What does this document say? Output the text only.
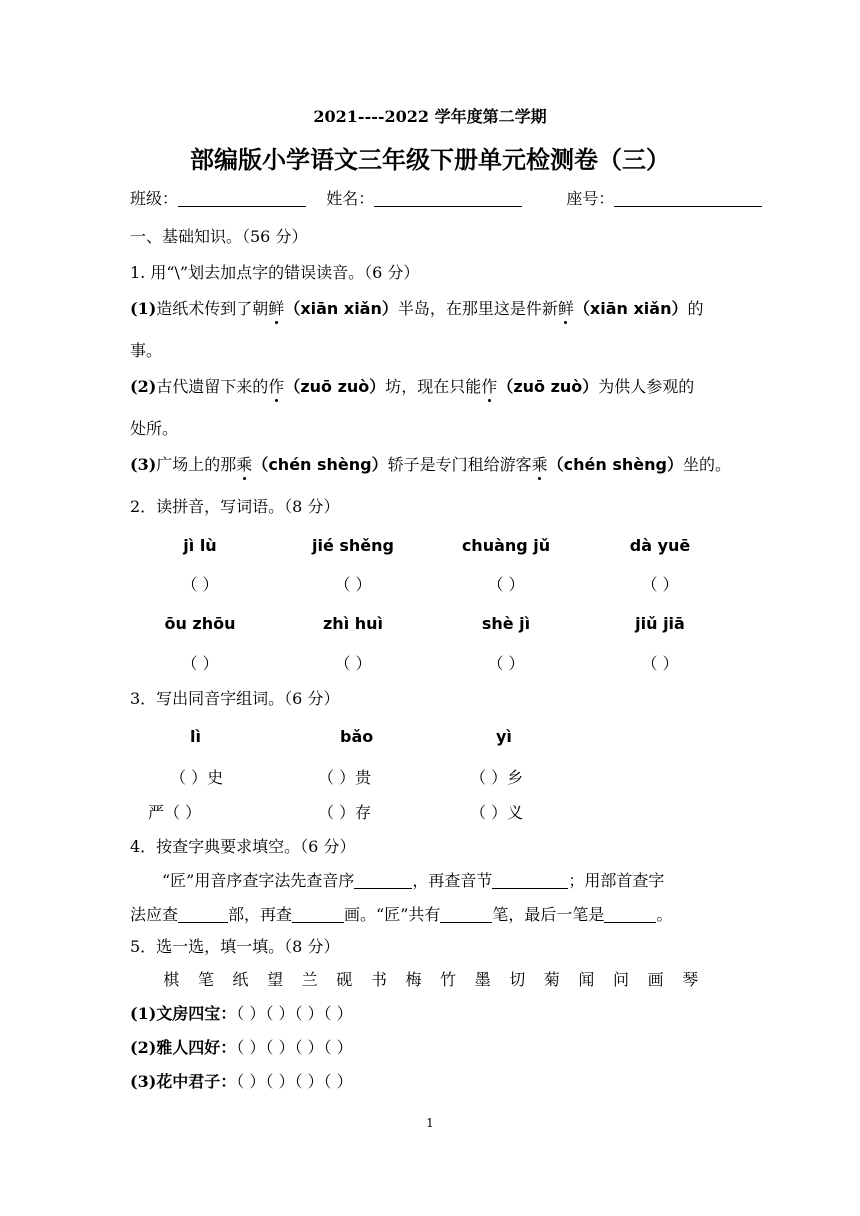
2021----2022 学年度第二学期
部编版小学语文三年级下册单元检测卷（三）
班级：	姓名：	座号：
一、基础知识。（56 分）
1. 用“\”划去加点字的错误读音。（6 分）
(1)造纸术传到了朝鲜（xiān xiǎn）半岛，在那里这是件新鲜（xiān xiǎn）的
事。
(2)古代遗留下来的作（zuō zuò）坊，现在只能作（zuō zuò）为供人参观的
处所。
(3)广场上的那乘（chén shèng）轿子是专门租给游客乘（chén shèng）坐的。
2．读拼音，写词语。（8 分）
jì lù	jié shěng	chuàng jǔ	dà yuē
（ ）	（ ）	（ ）	（ ）
ōu zhōu	zhì huì	shè jì	jiǔ jiā
（ ）	（ ）	（ ）	（ ）
3．写出同音字组词。（6 分）
lì	bǎo	yì
（ ）史	（ ）贵	（ ）乡
严（ ）	（ ）存	（ ）义
4．按查字典要求填空。（6 分）
“匠”用音序查字法先查音序	，再查音节	；用部首查字
法应查	部，再查	画。“匠”共有	笔，最后一笔是	。
5．选一选，填一填。（8 分）
棋 笔 纸 望 兰 砚 书 梅 竹 墨 切 菊 闻 问 画 琴
(1)文房四宝：（ ）（ ）（ ）（ ）
(2)雅人四好：（ ）（ ）（ ）（ ）
(3)花中君子：（ ）（ ）（ ）（ ）
1
